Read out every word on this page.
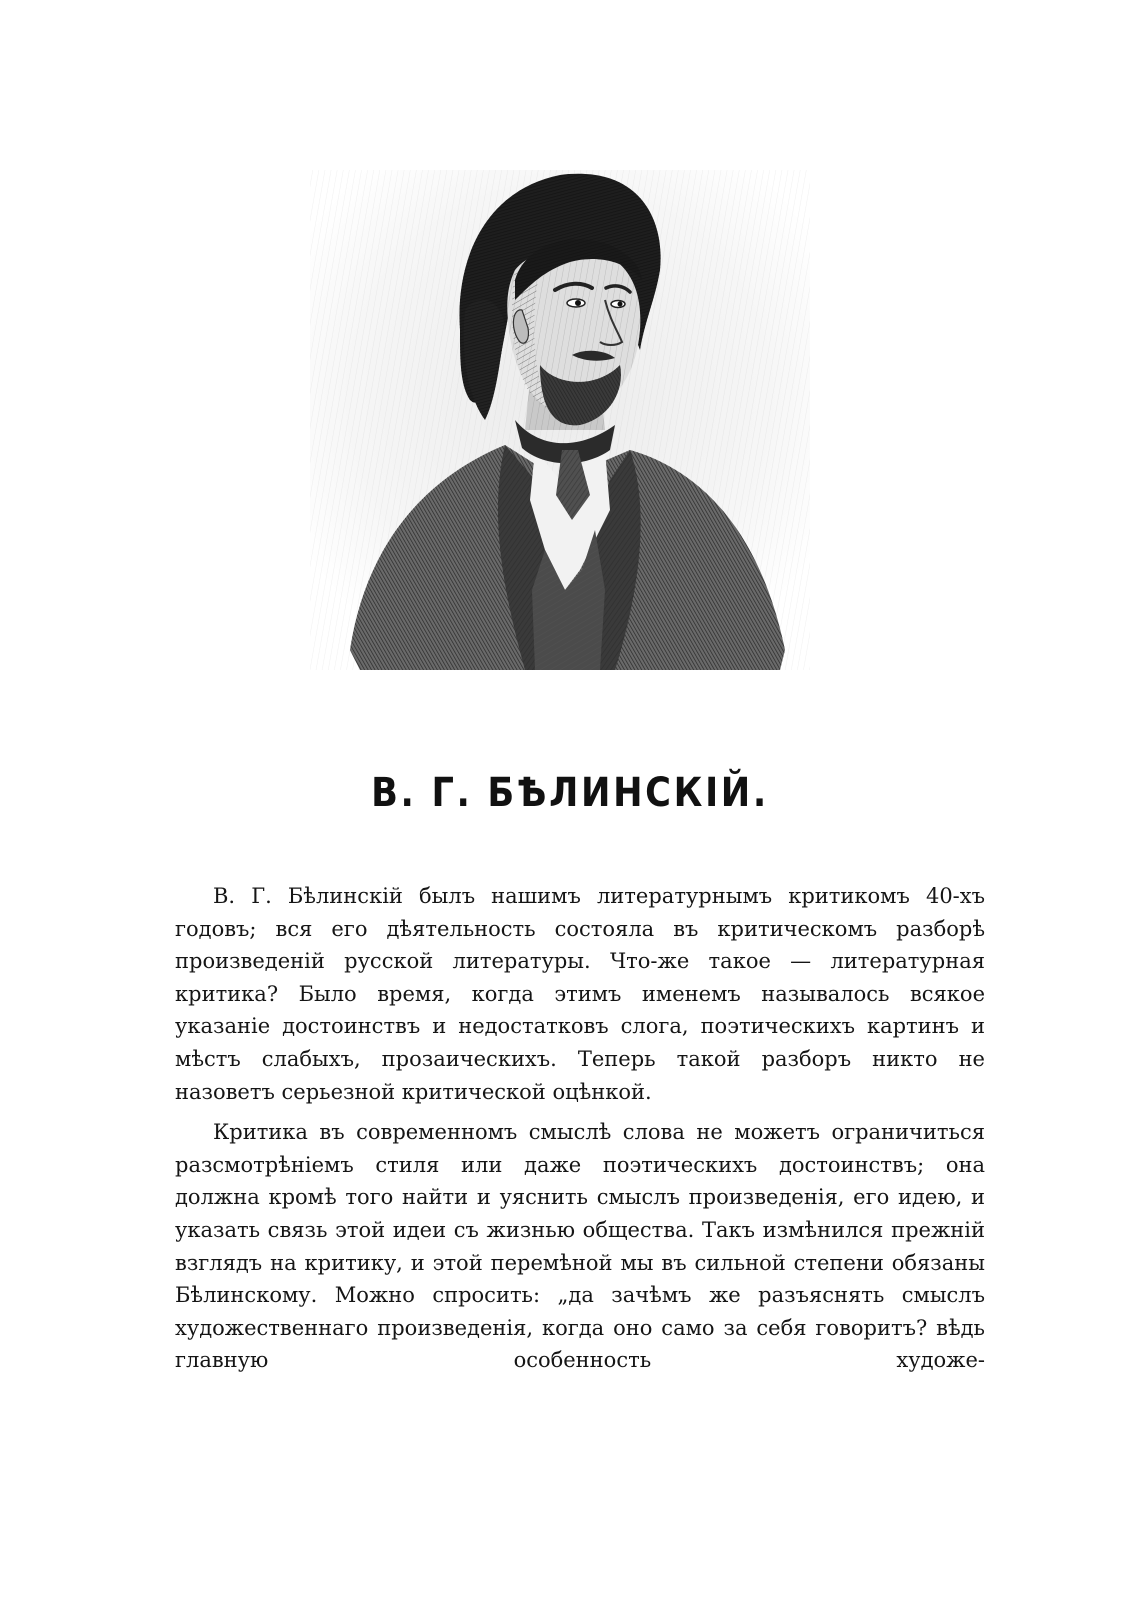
В. Г. БѢЛИНСКІЙ.

В. Г. Бѣлинскій былъ нашимъ литературнымъ критикомъ 40-хъ годовъ; вся его дѣятельность состояла въ критическомъ разборѣ произведеній русской литературы. Что-же такое — литературная критика? Было время, когда этимъ именемъ называлось всякое указаніе достоинствъ и недостатковъ слога, поэтическихъ картинъ и мѣстъ слабыхъ, прозаическихъ. Теперь такой разборъ никто не назоветъ серьезной критической оцѣнкой.

Критика въ современномъ смыслѣ слова не можетъ ограничиться разсмотрѣніемъ стиля или даже поэтическихъ достоинствъ; она должна кромѣ того найти и уяснить смыслъ произведенія, его идею, и указать связь этой идеи съ жизнью общества. Такъ измѣнился прежній взглядъ на критику, и этой перемѣной мы въ сильной степени обязаны Бѣлинскому. Можно спросить: „да зачѣмъ же разъяснять смыслъ художественнаго произведенія, когда оно само за себя говоритъ? вѣдь главную особенность художе-
